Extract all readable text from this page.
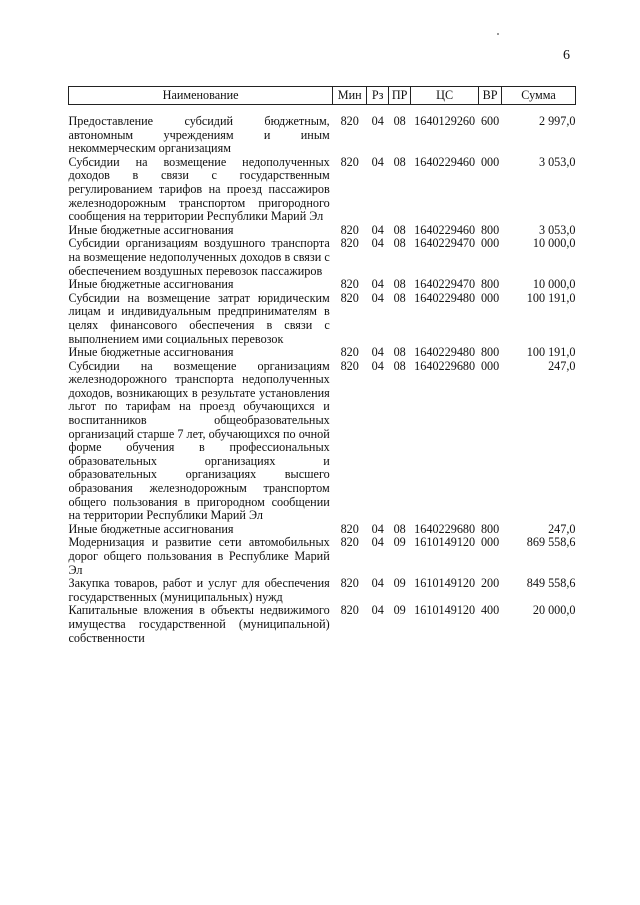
6
Наименование	Мин	Рз	ПР	ЦС	ВР	Сумма
Предоставление субсидий бюджетным, автономным учреждениям и иным некоммерческим организациям	820	04	08	1640129260	600	2 997,0
Субсидии на возмещение недополученных доходов в связи с государственным регулированием тарифов на проезд пассажиров железнодорожным транспортом пригородного сообщения на территории Республики Марий Эл	820	04	08	1640229460	000	3 053,0
Иные бюджетные ассигнования	820	04	08	1640229460	800	3 053,0
Субсидии организациям воздушного транспорта на возмещение недополученных доходов в связи с обеспечением воздушных перевозок пассажиров	820	04	08	1640229470	000	10 000,0
Иные бюджетные ассигнования	820	04	08	1640229470	800	10 000,0
Субсидии на возмещение затрат юридическим лицам и индивидуальным предпринимателям в целях финансового обеспечения в связи с выполнением ими социальных перевозок	820	04	08	1640229480	000	100 191,0
Иные бюджетные ассигнования	820	04	08	1640229480	800	100 191,0
Субсидии на возмещение организациям железнодорожного транспорта недополученных доходов, возникающих в результате установления льгот по тарифам на проезд обучающихся и воспитанников общеобразовательных организаций старше 7 лет, обучающихся по очной форме обучения в профессиональных образовательных организациях и образовательных организациях высшего образования железнодорожным транспортом общего пользования в пригородном сообщении на территории Республики Марий Эл	820	04	08	1640229680	000	247,0
Иные бюджетные ассигнования	820	04	08	1640229680	800	247,0
Модернизация и развитие сети автомобильных дорог общего пользования в Республике Марий Эл	820	04	09	1610149120	000	869 558,6
Закупка товаров, работ и услуг для обеспечения государственных (муниципальных) нужд	820	04	09	1610149120	200	849 558,6
Капитальные вложения в объекты недвижимого имущества государственной (муниципальной) собственности	820	04	09	1610149120	400	20 000,0
